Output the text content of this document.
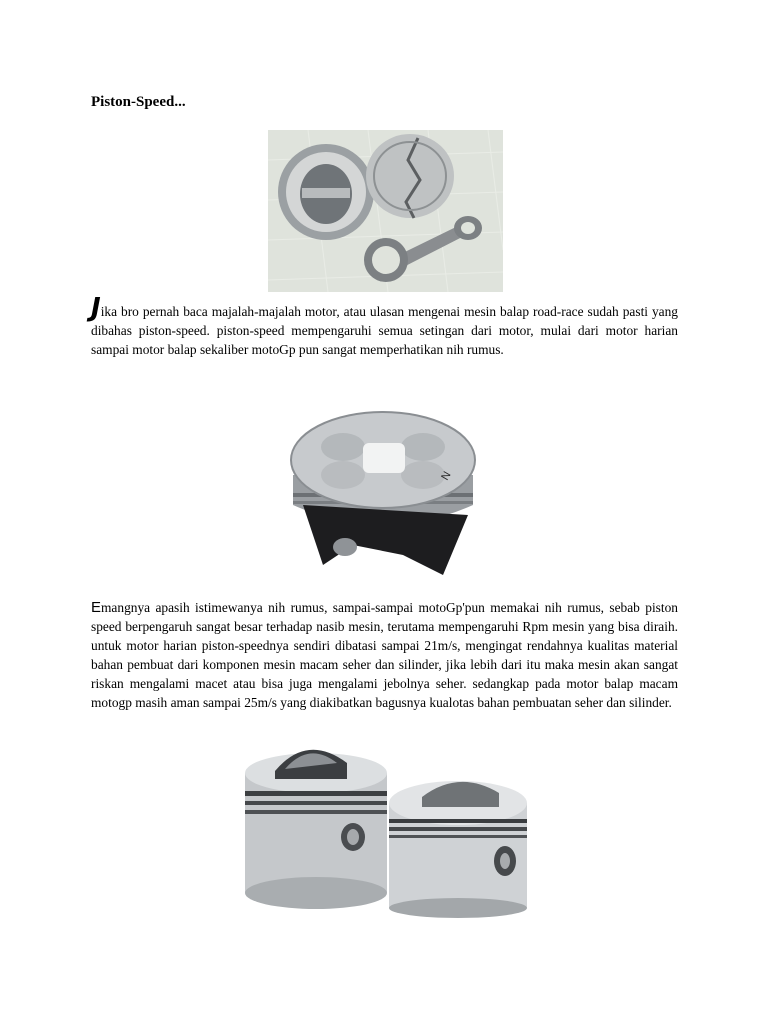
Piston-Speed...

Jika bro pernah baca majalah-majalah motor, atau ulasan mengenai mesin balap road-race sudah pasti yang dibahas piston-speed. piston-speed mempengaruhi semua setingan dari motor, mulai dari motor harian sampai motor balap sekaliber motoGp pun sangat memperhatikan nih rumus.

N

Emangnya apasih istimewanya nih rumus, sampai-sampai motoGp'pun memakai nih rumus, sebab piston speed berpengaruh sangat besar terhadap nasib mesin, terutama mempengaruhi Rpm mesin yang bisa diraih. untuk motor harian piston-speednya sendiri dibatasi sampai 21m/s, mengingat rendahnya kualitas material bahan pembuat dari komponen mesin macam seher dan silinder, jika lebih dari itu maka mesin akan sangat riskan mengalami macet atau bisa juga mengalami jebolnya seher. sedangkap pada motor balap macam motogp masih aman sampai 25m/s yang diakibatkan bagusnya kualotas bahan pembuatan seher dan silinder.
